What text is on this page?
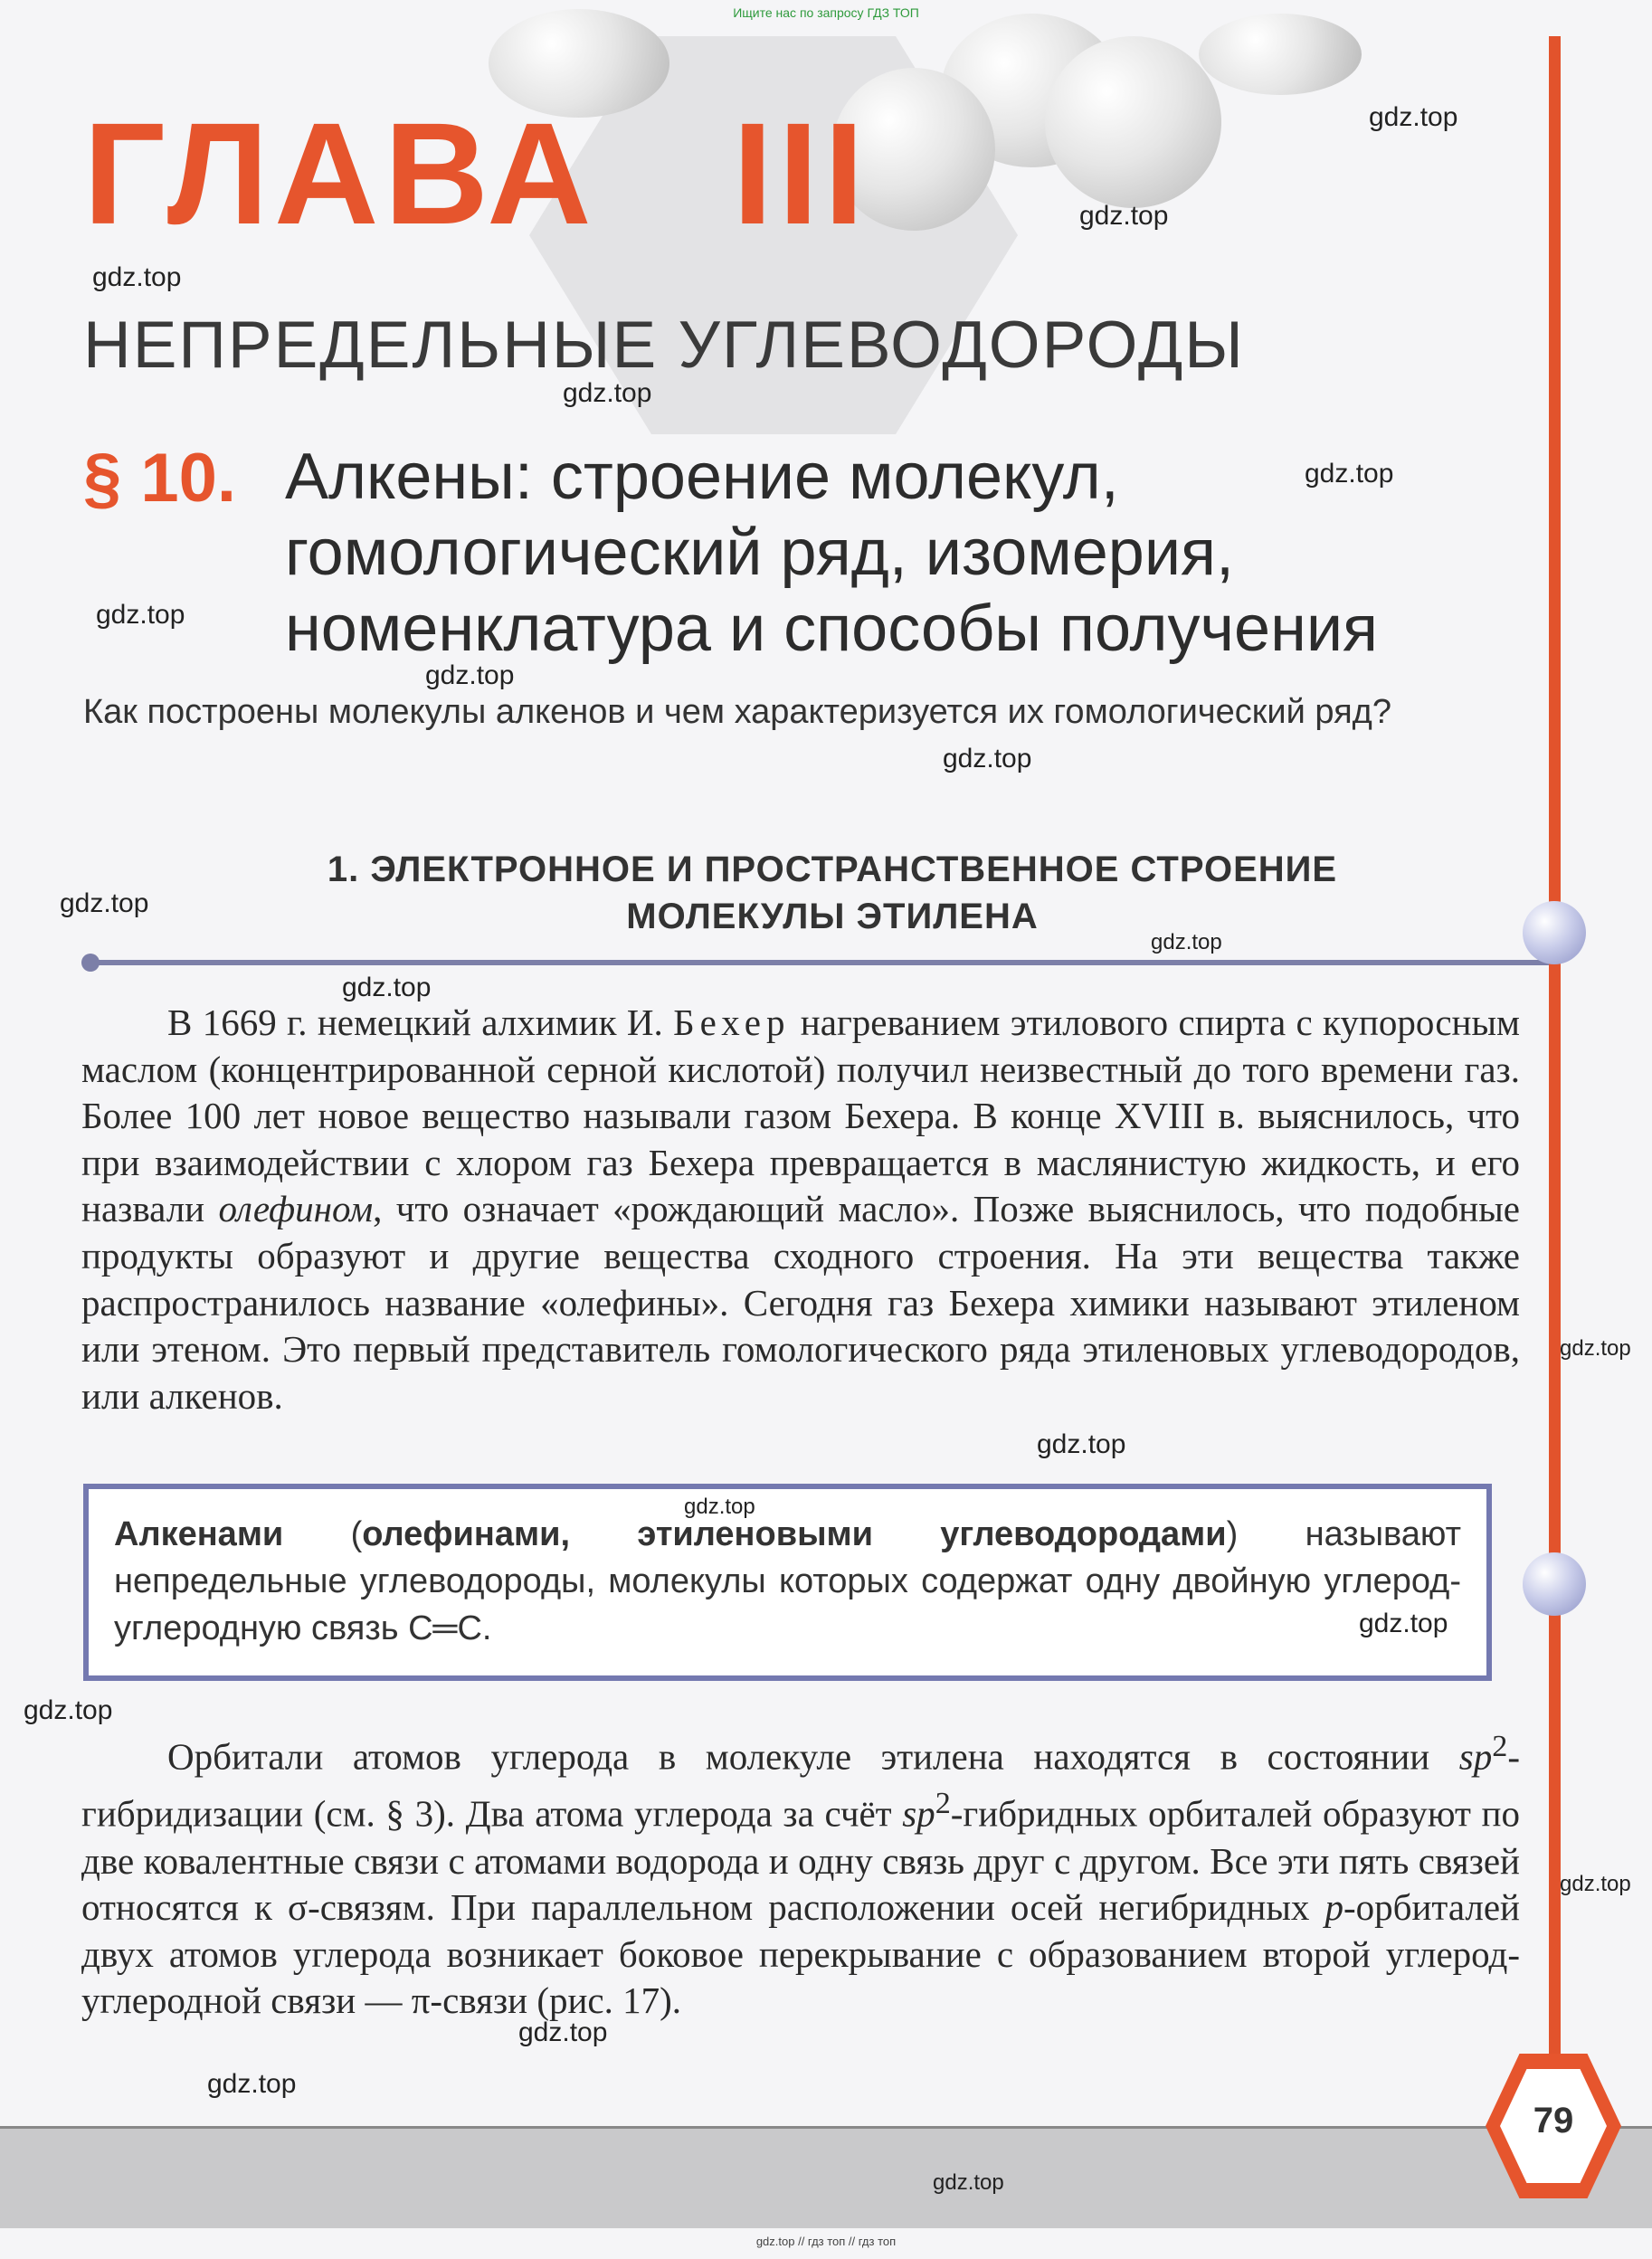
Ищите нас по запросу ГДЗ ТОП
ГЛАВА III
НЕПРЕДЕЛЬНЫЕ УГЛЕВОДОРОДЫ
§ 10. Алкены: строение молекул,
гомологический ряд, изомерия,
номенклатура и способы получения
Как построены молекулы алкенов и чем характеризуется их гомологический ряд?
1. ЭЛЕКТРОННОЕ И ПРОСТРАНСТВЕННОЕ СТРОЕНИЕ
МОЛЕКУЛЫ ЭТИЛЕНА
В 1669 г. немецкий алхимик И. Бехер нагреванием этилового спирта с купоросным маслом (концентрированной серной кислотой) получил неизвестный до того времени газ. Более 100 лет новое вещество называли газом Бехера. В конце XVIII в. выяснилось, что при взаимодействии с хлором газ Бехера превращается в маслянистую жидкость, и его назвали олефином, что означает «рождающий масло». Позже выяснилось, что подобные продукты образуют и другие вещества сходного строения. На эти вещества также распространилось название «олефины». Сегодня газ Бехера химики называют этиленом или этеном. Это первый представитель гомологического ряда этиленовых углеводородов, или алкенов.
Алкенами (олефинами, этиленовыми углеводородами) называют непредельные углеводороды, молекулы которых содержат одну двойную углерод-углеродную связь C═C.
Орбитали атомов углерода в молекуле этилена находятся в состоянии $sp^2$-гибридизации (см. § 3). Два атома углерода за счёт $sp^2$-гибридных орбиталей образуют по две ковалентные связи с атомами водорода и одну связь друг с другом. Все эти пять связей относятся к σ-связям. При параллельном расположении осей негибридных p-орбиталей двух атомов углерода возникает боковое перекрывание с образованием второй углерод-углеродной связи — π-связи (рис. 17).
79
gdz.top
gdz.top
gdz.top
gdz.top
gdz.top
gdz.top
gdz.top
gdz.top
gdz.top
gdz.top
gdz.top
gdz.top
gdz.top
gdz.top
gdz.top
gdz.top
gdz.top
gdz.top
gdz.top
gdz.top
gdz.top // гдз топ // гдз топ
